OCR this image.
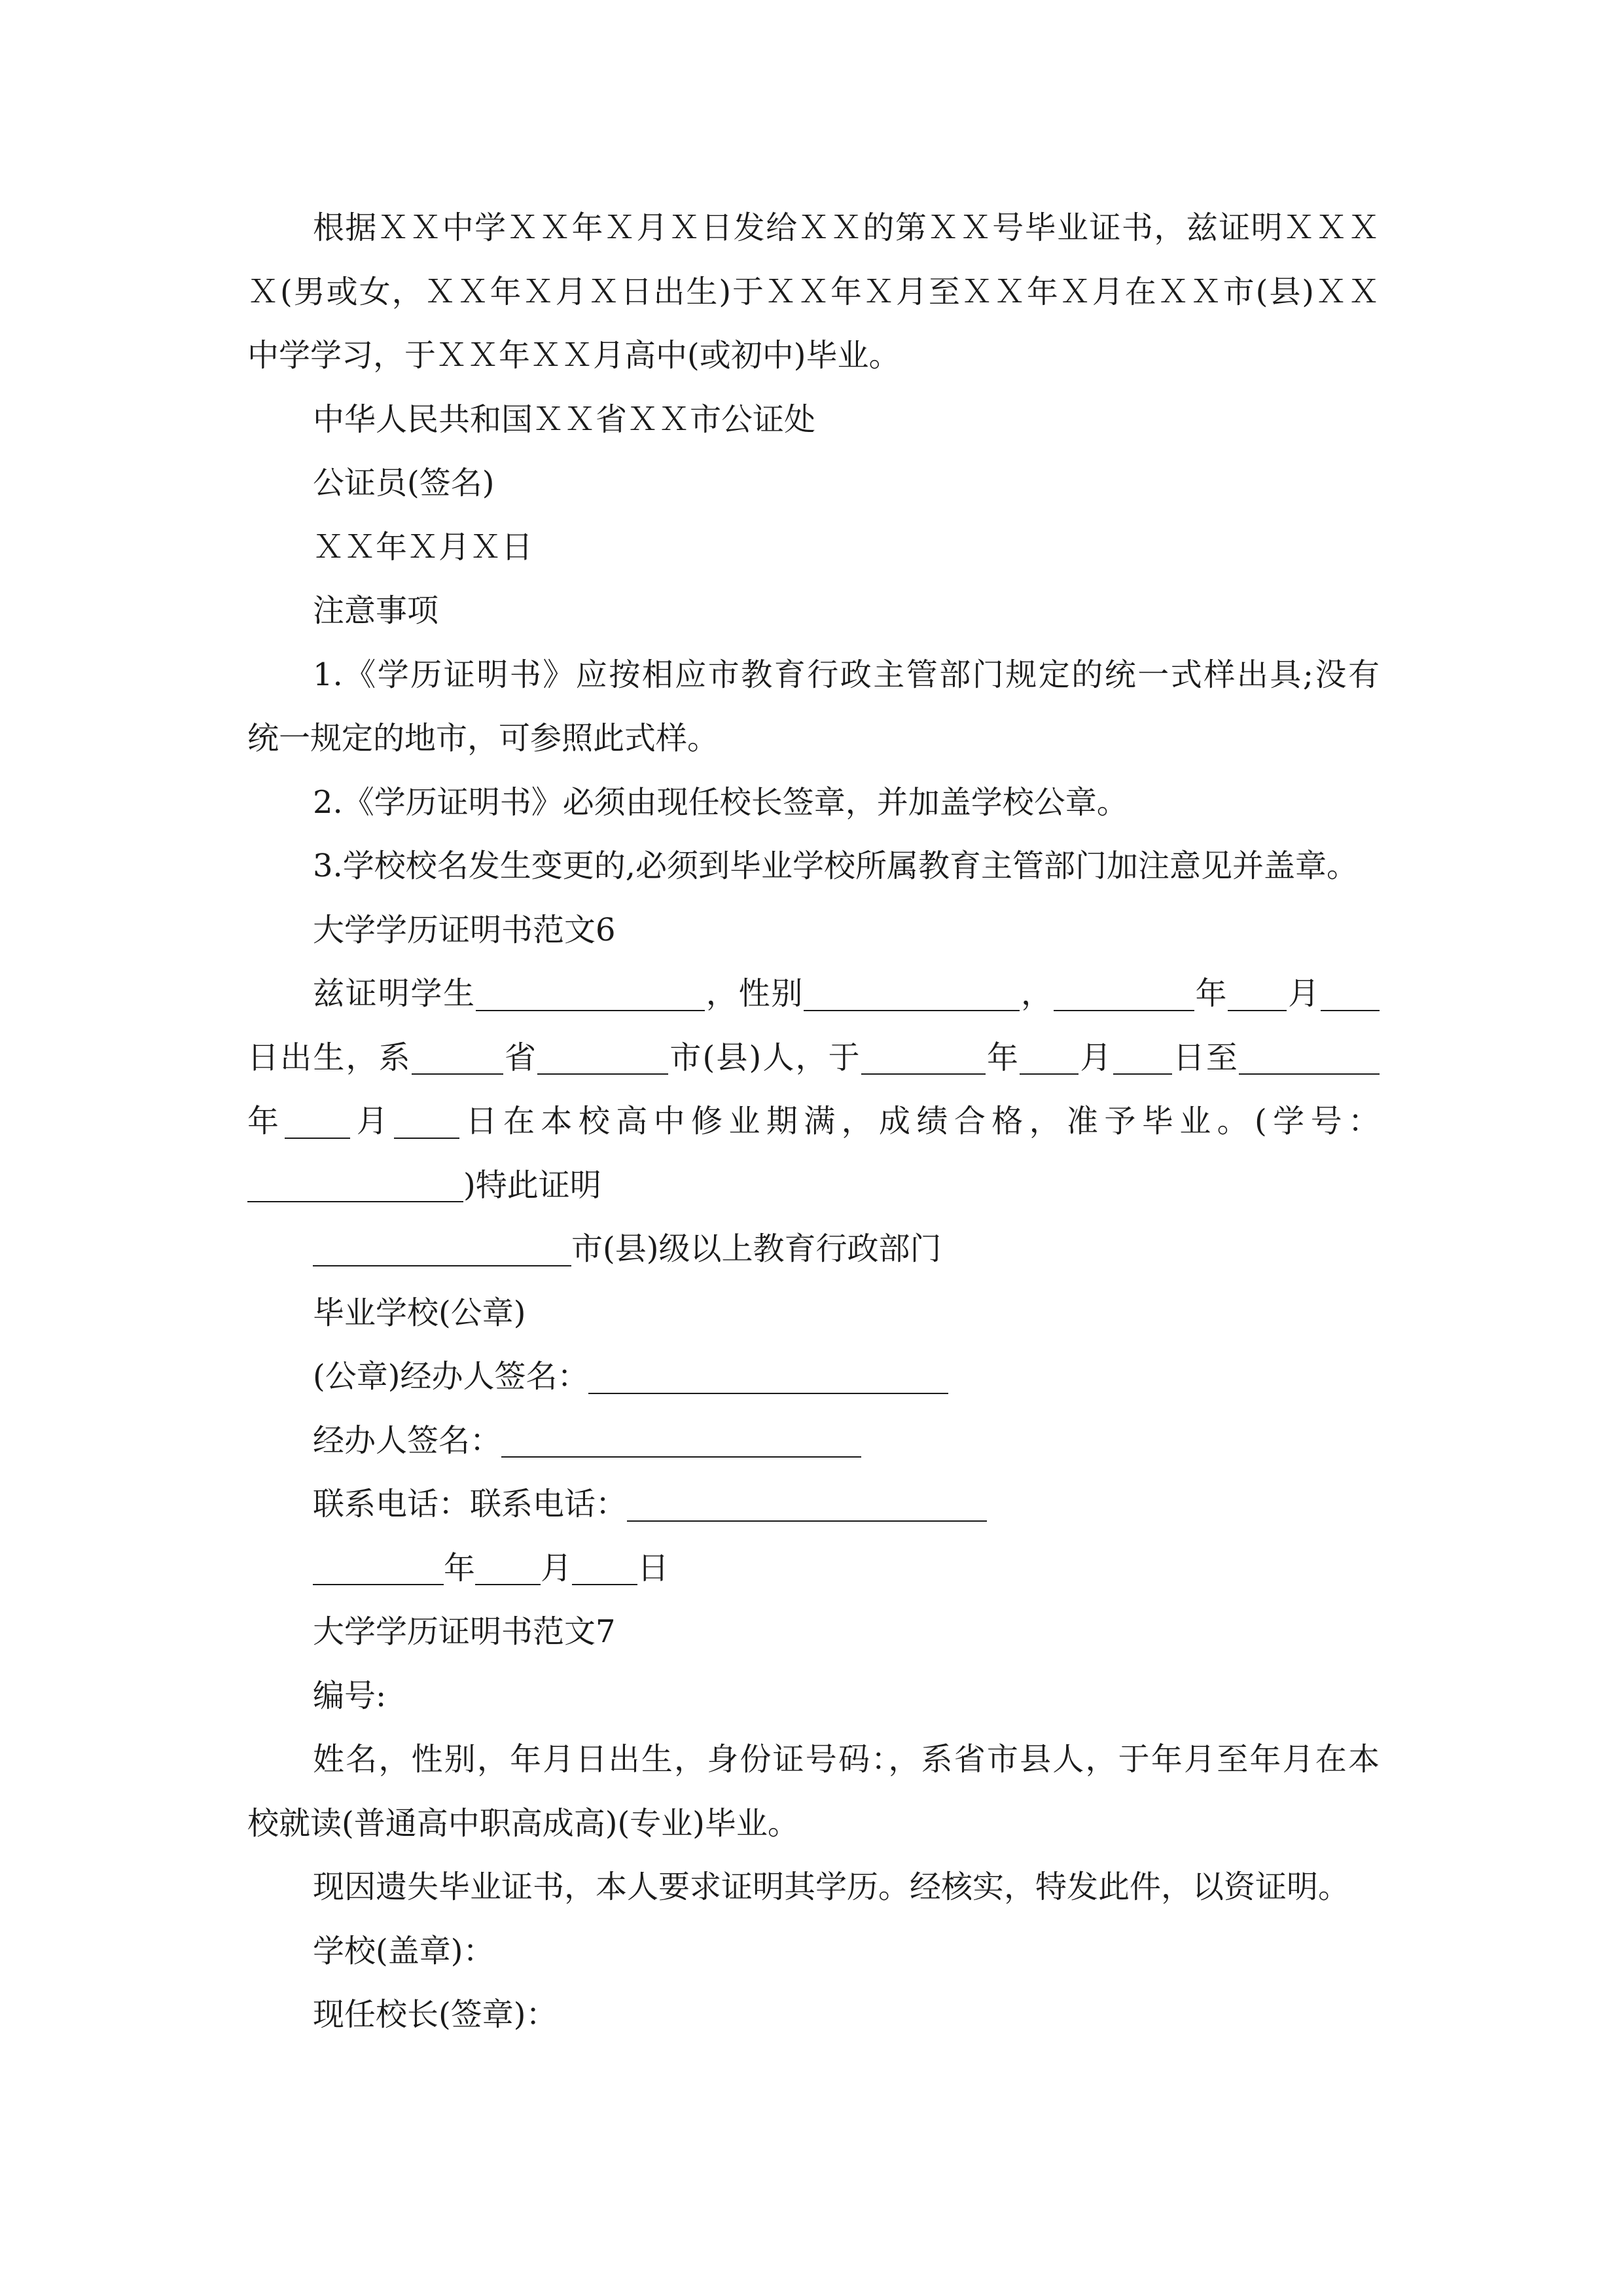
根据ＸＸ中学ＸＸ年Ｘ月Ｘ日发给ＸＸ的第ＸＸ号毕业证书，兹证明ＸＸＸ

Ｘ(男或女，ＸＸ年Ｘ月Ｘ日出生)于ＸＸ年Ｘ月至ＸＸ年Ｘ月在ＸＸ市(县)ＸＸ

中学学习，于ＸＸ年ＸＸ月高中(或初中)毕业。

中华人民共和国ＸＸ省ＸＸ市公证处

公证员(签名)

ＸＸ年Ｘ月Ｘ日

注意事项

1.《学历证明书》应按相应市教育行政主管部门规定的统一式样出具;没有

统一规定的地市，可参照此式样。

2.《学历证明书》必须由现任校长签章，并加盖学校公章。

3.学校校名发生变更的,必须到毕业学校所属教育主管部门加注意见并盖章。

大学学历证明书范文6

兹证明学生	，性别	，	年 月

日出生，系	省	市(县)人，于	年 月 日至

年 月 日在本校高中修业期满，成绩合格，准予毕业。(学号：

)特此证明

市(县)级以上教育行政部门

毕业学校(公章)

(公章)经办人签名：

经办人签名：

联系电话：联系电话：

年 月 日

大学学历证明书范文7

编号:

姓名，性别，年月日出生，身份证号码：，系省市县人，于年月至年月在本

校就读(普通高中职高成高)(专业)毕业。

现因遗失毕业证书，本人要求证明其学历。经核实，特发此件，以资证明。

学校(盖章)：

现任校长(签章)：
